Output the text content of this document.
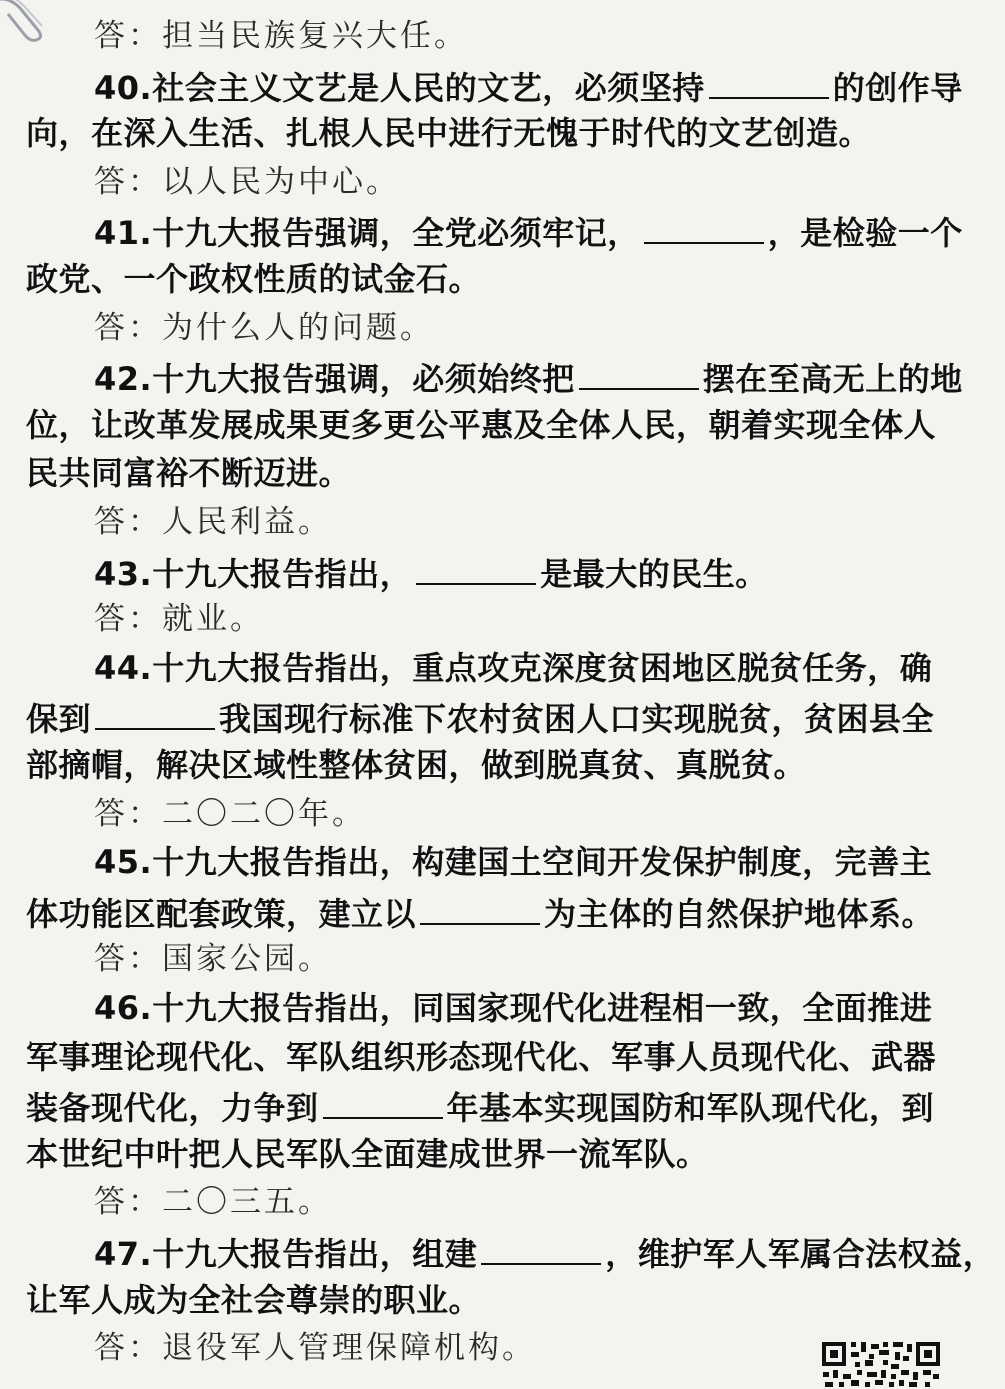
答：担当民族复兴大任。
40.社会主义文艺是人民的文艺，必须坚持	的创作导
向，在深入生活、扎根人民中进行无愧于时代的文艺创造。
答：以人民为中心。
41.十九大报告强调，全党必须牢记，	，是检验一个
政党、一个政权性质的试金石。
答：为什么人的问题。
42.十九大报告强调，必须始终把	摆在至高无上的地
位，让改革发展成果更多更公平惠及全体人民，朝着实现全体人
民共同富裕不断迈进。
答：人民利益。
43.十九大报告指出，	是最大的民生。
答：就业。
44.十九大报告指出，重点攻克深度贫困地区脱贫任务，确
保到	我国现行标准下农村贫困人口实现脱贫，贫困县全
部摘帽，解决区域性整体贫困，做到脱真贫、真脱贫。
答：二〇二〇年。
45.十九大报告指出，构建国土空间开发保护制度，完善主
体功能区配套政策，建立以	为主体的自然保护地体系。
答：国家公园。
46.十九大报告指出，同国家现代化进程相一致，全面推进
军事理论现代化、军队组织形态现代化、军事人员现代化、武器
装备现代化，力争到	年基本实现国防和军队现代化，到
本世纪中叶把人民军队全面建成世界一流军队。
答：二〇三五。
47.十九大报告指出，组建	，维护军人军属合法权益，
让军人成为全社会尊崇的职业。
答：退役军人管理保障机构。
